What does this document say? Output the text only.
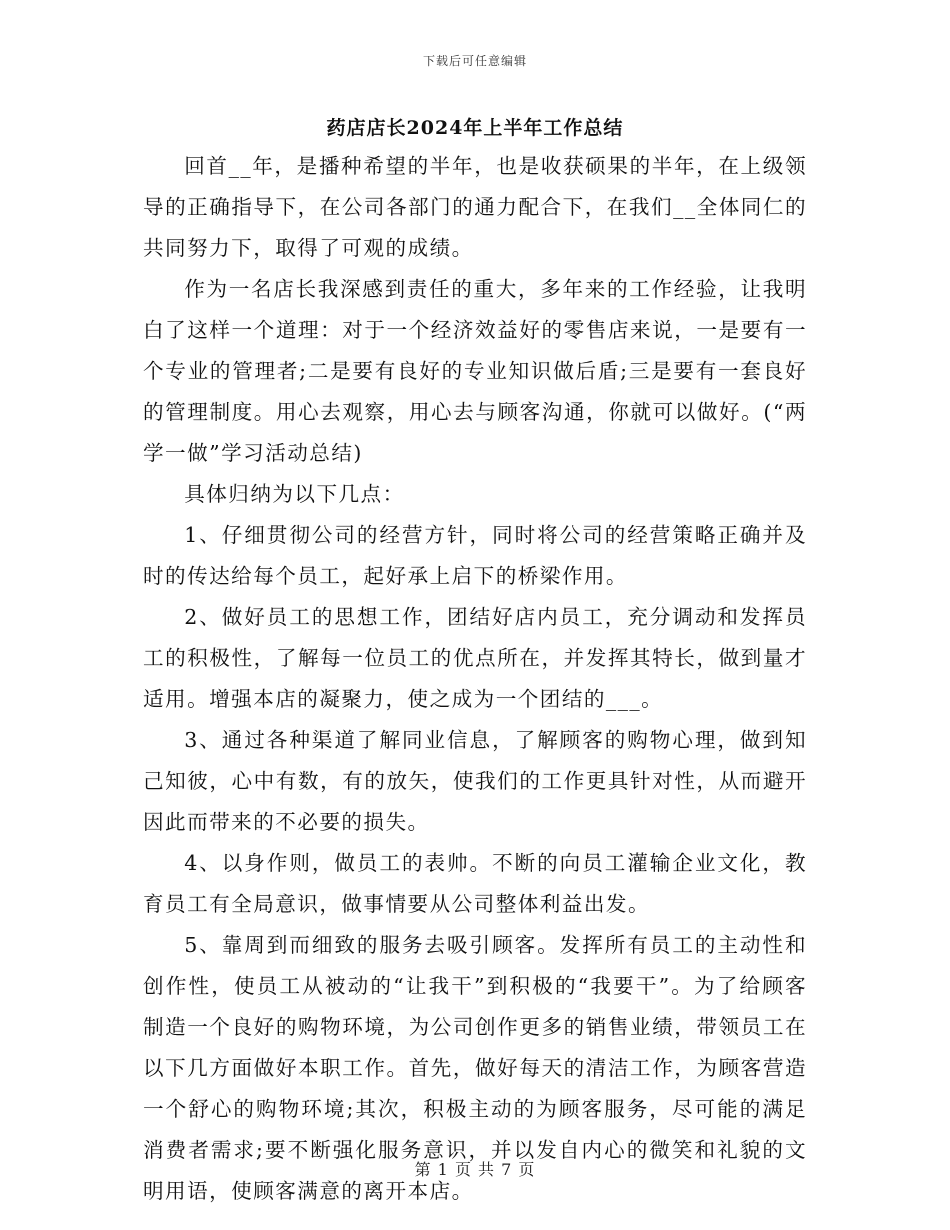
下载后可任意编辑
药店店长2024年上半年工作总结

回首__年，是播种希望的半年，也是收获硕果的半年，在上级领导的正确指导下，在公司各部门的通力配合下，在我们__全体同仁的共同努力下，取得了可观的成绩。

作为一名店长我深感到责任的重大，多年来的工作经验，让我明白了这样一个道理：对于一个经济效益好的零售店来说，一是要有一个专业的管理者;二是要有良好的专业知识做后盾;三是要有一套良好的管理制度。用心去观察，用心去与顾客沟通，你就可以做好。(“两学一做”学习活动总结)

具体归纳为以下几点：

1、仔细贯彻公司的经营方针，同时将公司的经营策略正确并及时的传达给每个员工，起好承上启下的桥梁作用。

2、做好员工的思想工作，团结好店内员工，充分调动和发挥员工的积极性，了解每一位员工的优点所在，并发挥其特长，做到量才适用。增强本店的凝聚力，使之成为一个团结的___。

3、通过各种渠道了解同业信息，了解顾客的购物心理，做到知己知彼，心中有数，有的放矢，使我们的工作更具针对性，从而避开因此而带来的不必要的损失。

4、以身作则，做员工的表帅。不断的向员工灌输企业文化，教育员工有全局意识，做事情要从公司整体利益出发。

5、靠周到而细致的服务去吸引顾客。发挥所有员工的主动性和创作性，使员工从被动的“让我干”到积极的“我要干”。为了给顾客制造一个良好的购物环境，为公司创作更多的销售业绩，带领员工在以下几方面做好本职工作。首先，做好每天的清洁工作，为顾客营造一个舒心的购物环境;其次，积极主动的为顾客服务，尽可能的满足消费者需求;要不断强化服务意识，并以发自内心的微笑和礼貌的文明用语，使顾客满意的离开本店。

第 1 页 共 7 页
